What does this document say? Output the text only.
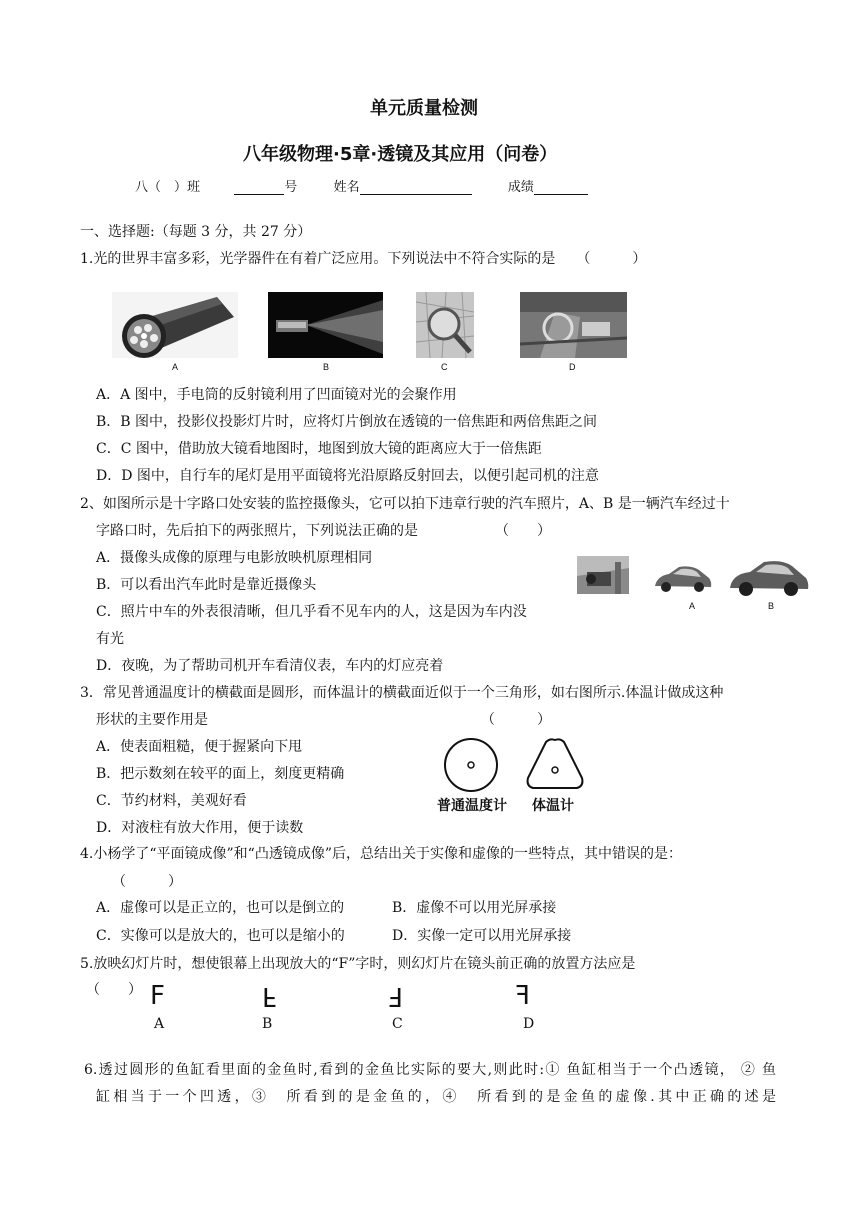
单元质量检测
八年级物理·5章·透镜及其应用（问卷）
八（　）班	号	姓名	成绩
一、选择题:（每题 3 分，共 27 分）
1.光的世界丰富多彩，光学器件在有着广泛应用。下列说法中不符合实际的是　　（　　　）
A	B	C	D
A．A 图中，手电筒的反射镜利用了凹面镜对光的会聚作用
B．B 图中，投影仪投影灯片时，应将灯片倒放在透镜的一倍焦距和两倍焦距之间
C．C 图中，借助放大镜看地图时，地图到放大镜的距离应大于一倍焦距
D．D 图中，自行车的尾灯是用平面镜将光沿原路反射回去，以便引起司机的注意
2、如图所示是十字路口处安装的监控摄像头，它可以拍下违章行驶的汽车照片，A、B 是一辆汽车经过十
字路口时，先后拍下的两张照片，下列说法正确的是　　　　　　（　　）
A．摄像头成像的原理与电影放映机原理相同
B．可以看出汽车此时是靠近摄像头
C．照片中车的外表很清晰，但几乎看不见车内的人，这是因为车内没
有光
D．夜晚，为了帮助司机开车看清仪表，车内的灯应亮着
A	B
3．常见普通温度计的横截面是圆形，而体温计的横截面近似于一个三角形，如右图所示.体温计做成这种
形状的主要作用是　　　　　　　　　　　　　　　　　　　　（　　　）
A．使表面粗糙，便于握紧向下甩
B．把示数刻在较平的面上，刻度更精确
C．节约材料，美观好看
D．对液柱有放大作用，便于读数
普通温度计 体温计
4.小杨学了“平面镜成像”和“凸透镜成像”后，总结出关于实像和虚像的一些特点，其中错误的是：
（　　　）
A．虚像可以是正立的，也可以是倒立的	B．虚像不可以用光屏承接
C．实像可以是放大的，也可以是缩小的	D．实像一定可以用光屏承接
5.放映幻灯片时，想使银幕上出现放大的“F”字时，则幻灯片在镜头前正确的放置方法应是
（　　） F	F	F	F
A	B	C	D
6.透过圆形的鱼缸看里面的金鱼时,看到的金鱼比实际的要大,则此时:① 鱼缸相当于一个凸透镜， ② 鱼
缸相当于一个凹透，③　所看到的是金鱼的，④　所看到的是金鱼的虚像.其中正确的述是
